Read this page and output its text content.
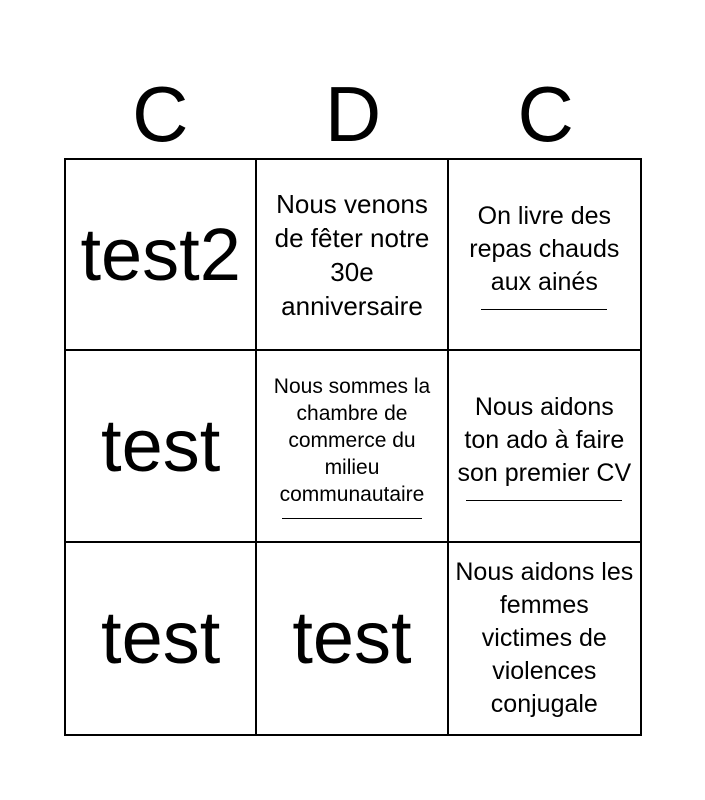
C	D	C
test2
Nous venons de fêter notre 30e anniversaire
On livre des repas chauds aux ainés
test
Nous sommes la chambre de commerce du milieu communautaire
Nous aidons ton ado à faire son premier CV
test test
Nous aidons les femmes victimes de violences conjugale
